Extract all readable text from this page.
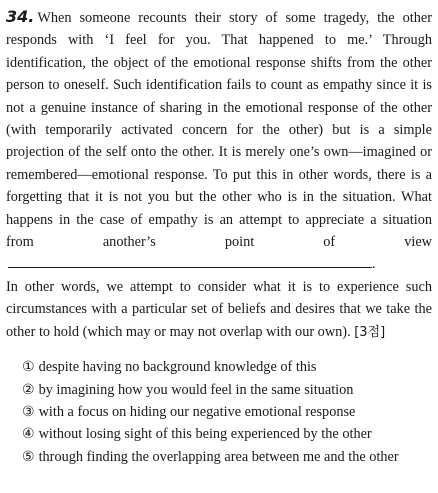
34. When someone recounts their story of some tragedy, the other responds with ‘I feel for you. That happened to me.’ Through identification, the object of the emotional response shifts from the other person to oneself. Such identification fails to count as empathy since it is not a genuine instance of sharing in the emotional response of the other (with temporarily activated concern for the other) but is a simple projection of the self onto the other. It is merely one’s own—imagined or remembered—emotional response. To put this in other words, there is a forgetting that it is not you but the other who is in the situation. What happens in the case of empathy is an attempt to appreciate a situation from another’s point of view.

In other words, we attempt to consider what it is to experience such circumstances with a particular set of beliefs and desires that we take the other to hold (which may or may not overlap with our own). [3점]

① despite having no background knowledge of this
② by imagining how you would feel in the same situation
③ with a focus on hiding our negative emotional response
④ without losing sight of this being experienced by the other
⑤ through finding the overlapping area between me and the other
